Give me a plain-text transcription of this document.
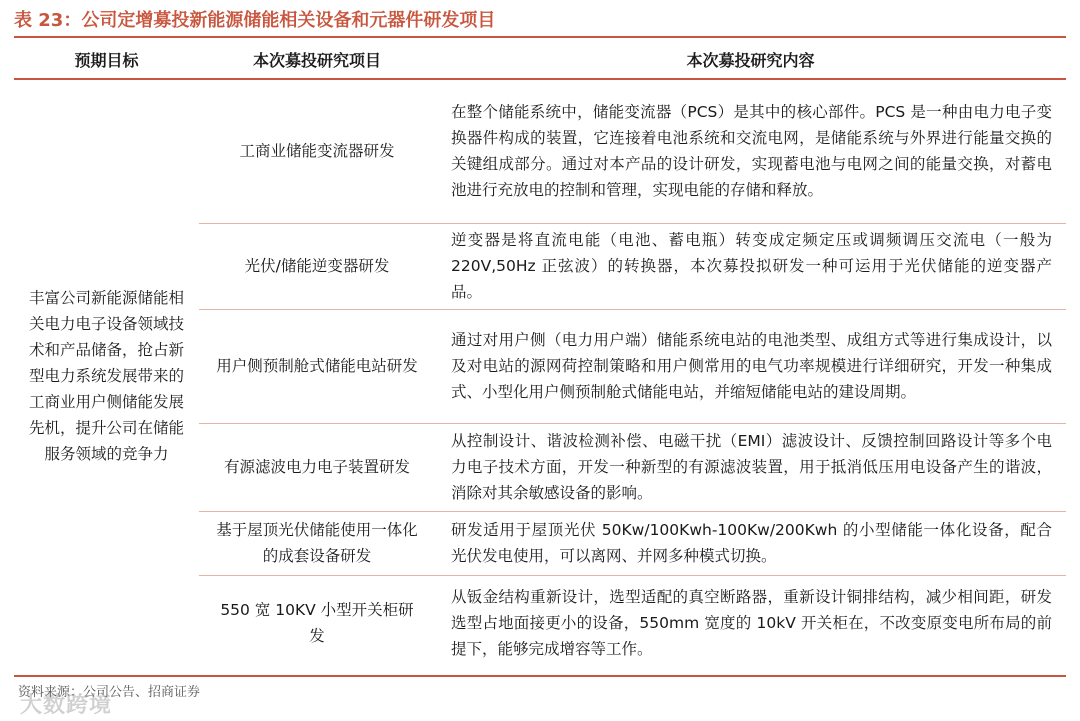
表 23：公司定增募投新能源储能相关设备和元器件研发项目
预期目标	本次募投研究项目	本次募投研究内容
丰富公司新能源储能相关电力电子设备领域技术和产品储备，抢占新型电力系统发展带来的工商业用户侧储能发展先机，提升公司在储能服务领域的竞争力	工商业储能变流器研发	在整个储能系统中，储能变流器（PCS）是其中的核心部件。PCS 是一种由电力电子变换器件构成的装置，它连接着电池系统和交流电网，是储能系统与外界进行能量交换的关键组成部分。通过对本产品的设计研发，实现蓄电池与电网之间的能量交换，对蓄电池进行充放电的控制和管理，实现电能的存储和释放。
	光伏/储能逆变器研发	逆变器是将直流电能（电池、蓄电瓶）转变成定频定压或调频调压交流电（一般为 220V,50Hz 正弦波）的转换器，本次募投拟研发一种可运用于光伏储能的逆变器产品。
	用户侧预制舱式储能电站研发	通过对用户侧（电力用户端）储能系统电站的电池类型、成组方式等进行集成设计，以及对电站的源网荷控制策略和用户侧常用的电气功率规模进行详细研究，开发一种集成式、小型化用户侧预制舱式储能电站，并缩短储能电站的建设周期。
	有源滤波电力电子装置研发	从控制设计、谐波检测补偿、电磁干扰（EMI）滤波设计、反馈控制回路设计等多个电力电子技术方面，开发一种新型的有源滤波装置，用于抵消低压用电设备产生的谐波，消除对其余敏感设备的影响。
	基于屋顶光伏储能使用一体化的成套设备研发	研发适用于屋顶光伏 50Kw/100Kwh-100Kw/200Kwh 的小型储能一体化设备，配合光伏发电使用，可以离网、并网多种模式切换。
	550 宽 10KV 小型开关柜研发	从钣金结构重新设计，选型适配的真空断路器，重新设计铜排结构，减少相间距，研发选型占地面接更小的设备，550mm 宽度的 10kV 开关柜在，不改变原变电所布局的前提下，能够完成增容等工作。
资料来源：公司公告、招商证券
大数跨境
